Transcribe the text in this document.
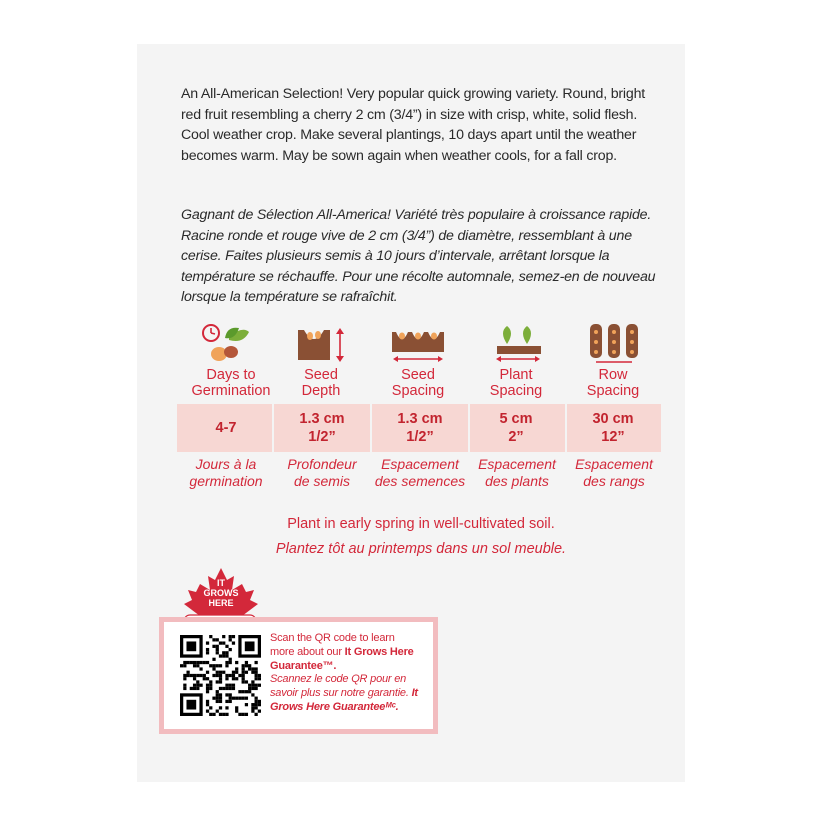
An All-American Selection! Very popular quick growing variety. Round, bright red fruit resembling a cherry 2 cm (3/4”) in size with crisp, white, solid flesh. Cool weather crop. Make several plantings, 10 days apart until the weather becomes warm. May be sown again when weather cools, for a fall crop.
Gagnant de Sélection All-America! Variété très populaire à croissance rapide. Racine ronde et rouge vive de 2 cm (3/4”) de diamètre, ressemblant à une cerise. Faites plusieurs semis à 10 jours d’intervale, arrêtant lorsque la température se réchauffe. Pour une récolte automnale, semez-en de nouveau lorsque la température se rafraîchit.
Days to
Germination
Seed
Depth
Seed
Spacing
Plant
Spacing
Row
Spacing
4-7
1.3 cm
1/2”
1.3 cm
1/2”
5 cm
2”
30 cm
12”
Jours à la
germination
Profondeur
de semis
Espacement
des semences
Espacement
des plants
Espacement
des rangs
Plant in early spring in well-cultivated soil.
Plantez tôt au printemps dans un sol meuble.
IT
GROWS
HERE
Scan the QR code to learn more about our It Grows Here Guarantee™.
Scannez le code QR pour en savoir plus sur notre garantie. It Grows Here Guaranteeᴹᶜ.
